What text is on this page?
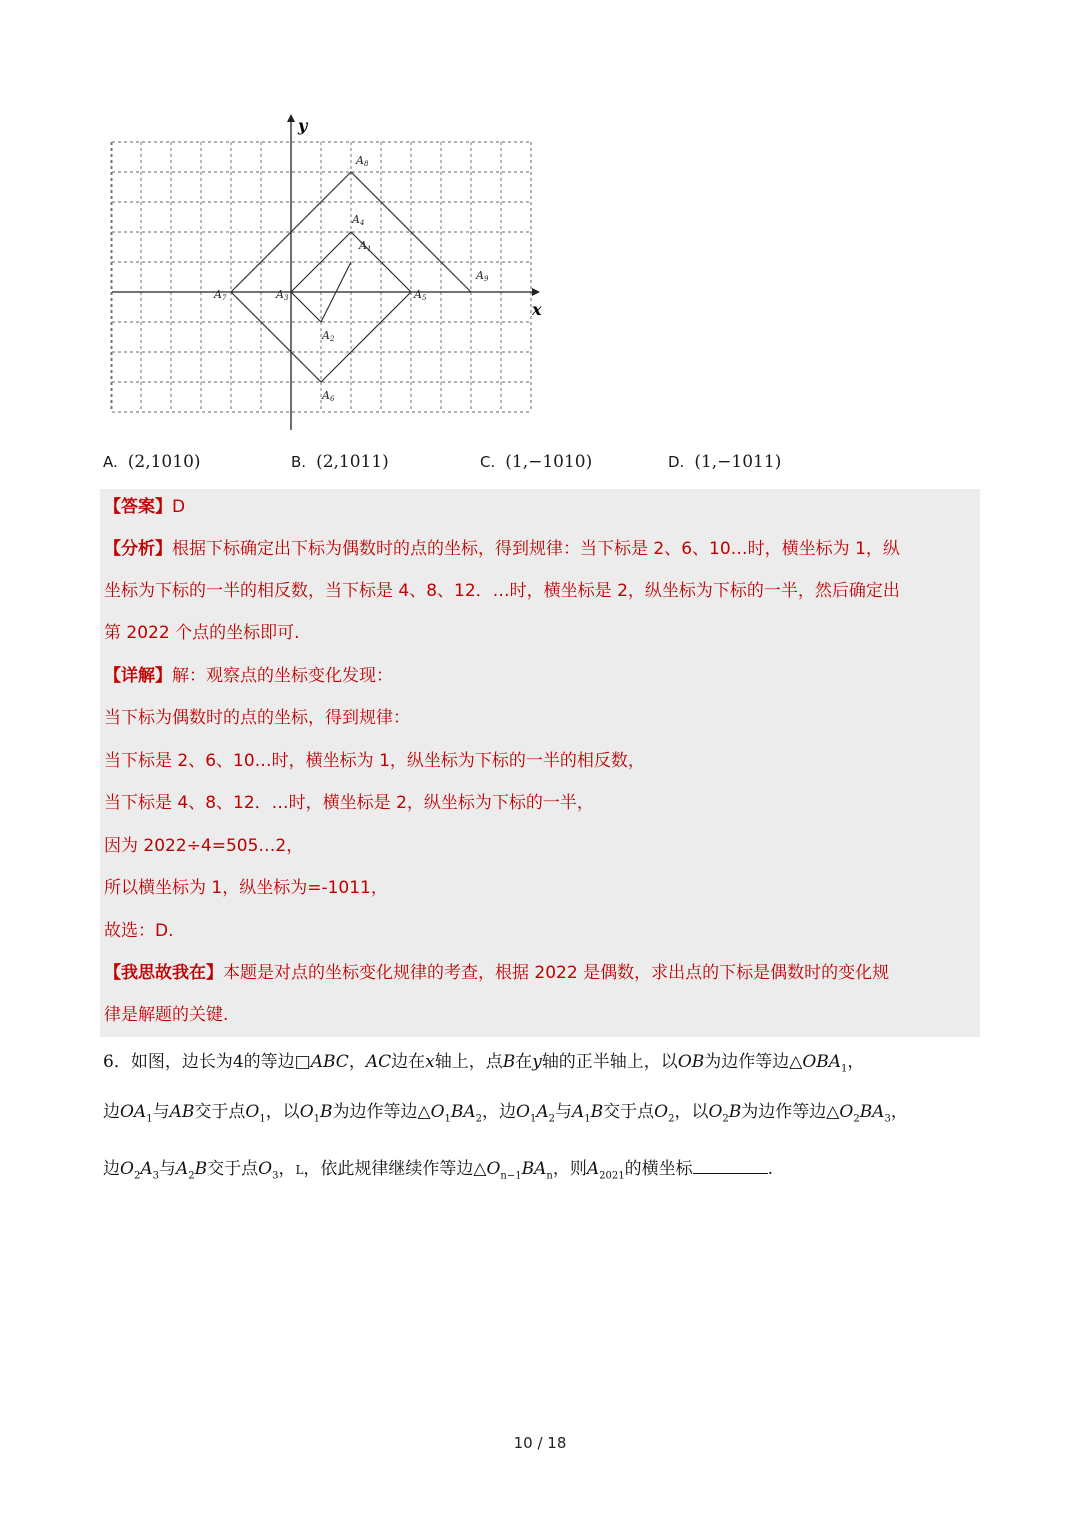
x
y
A1
A2
A3
A4
A5
A6
A7
A8
A9
A. (2,1010)	B. (2,1011)	C. (1,−1010)	D. (1,−1011)
【答案】D
【分析】根据下标确定出下标为偶数时的点的坐标，得到规律：当下标是 2、6、10…时，横坐标为 1，纵
坐标为下标的一半的相反数，当下标是 4、8、12．…时，横坐标是 2，纵坐标为下标的一半，然后确定出
第 2022 个点的坐标即可.
【详解】解：观察点的坐标变化发现：
当下标为偶数时的点的坐标，得到规律：
当下标是 2、6、10…时，横坐标为 1，纵坐标为下标的一半的相反数，
当下标是 4、8、12．…时，横坐标是 2，纵坐标为下标的一半，
因为 2022÷4=505…2，
所以横坐标为 1，纵坐标为=-1011，
故选：D.
【我思故我在】本题是对点的坐标变化规律的考查，根据 2022 是偶数，求出点的下标是偶数时的变化规
律是解题的关键.
6．如图，边长为4的等边□ABC，AC边在x轴上，点B在y轴的正半轴上，以OB为边作等边$\triangle OBA_1$，
边$OA_1$与AB交于点$O_1$，以$O_1B$为边作等边$\triangle O_1BA_2$，边$O_1A_2$与$A_1B$交于点$O_2$，以$O_2B$为边作等边$\triangle O_2BA_3$，
边$O_2A_3$与$A_2B$交于点$O_3$，L，依此规律继续作等边$\triangle O_{n-1}BA_n$，则$A_{2021}$的横坐标	.
10 / 18
